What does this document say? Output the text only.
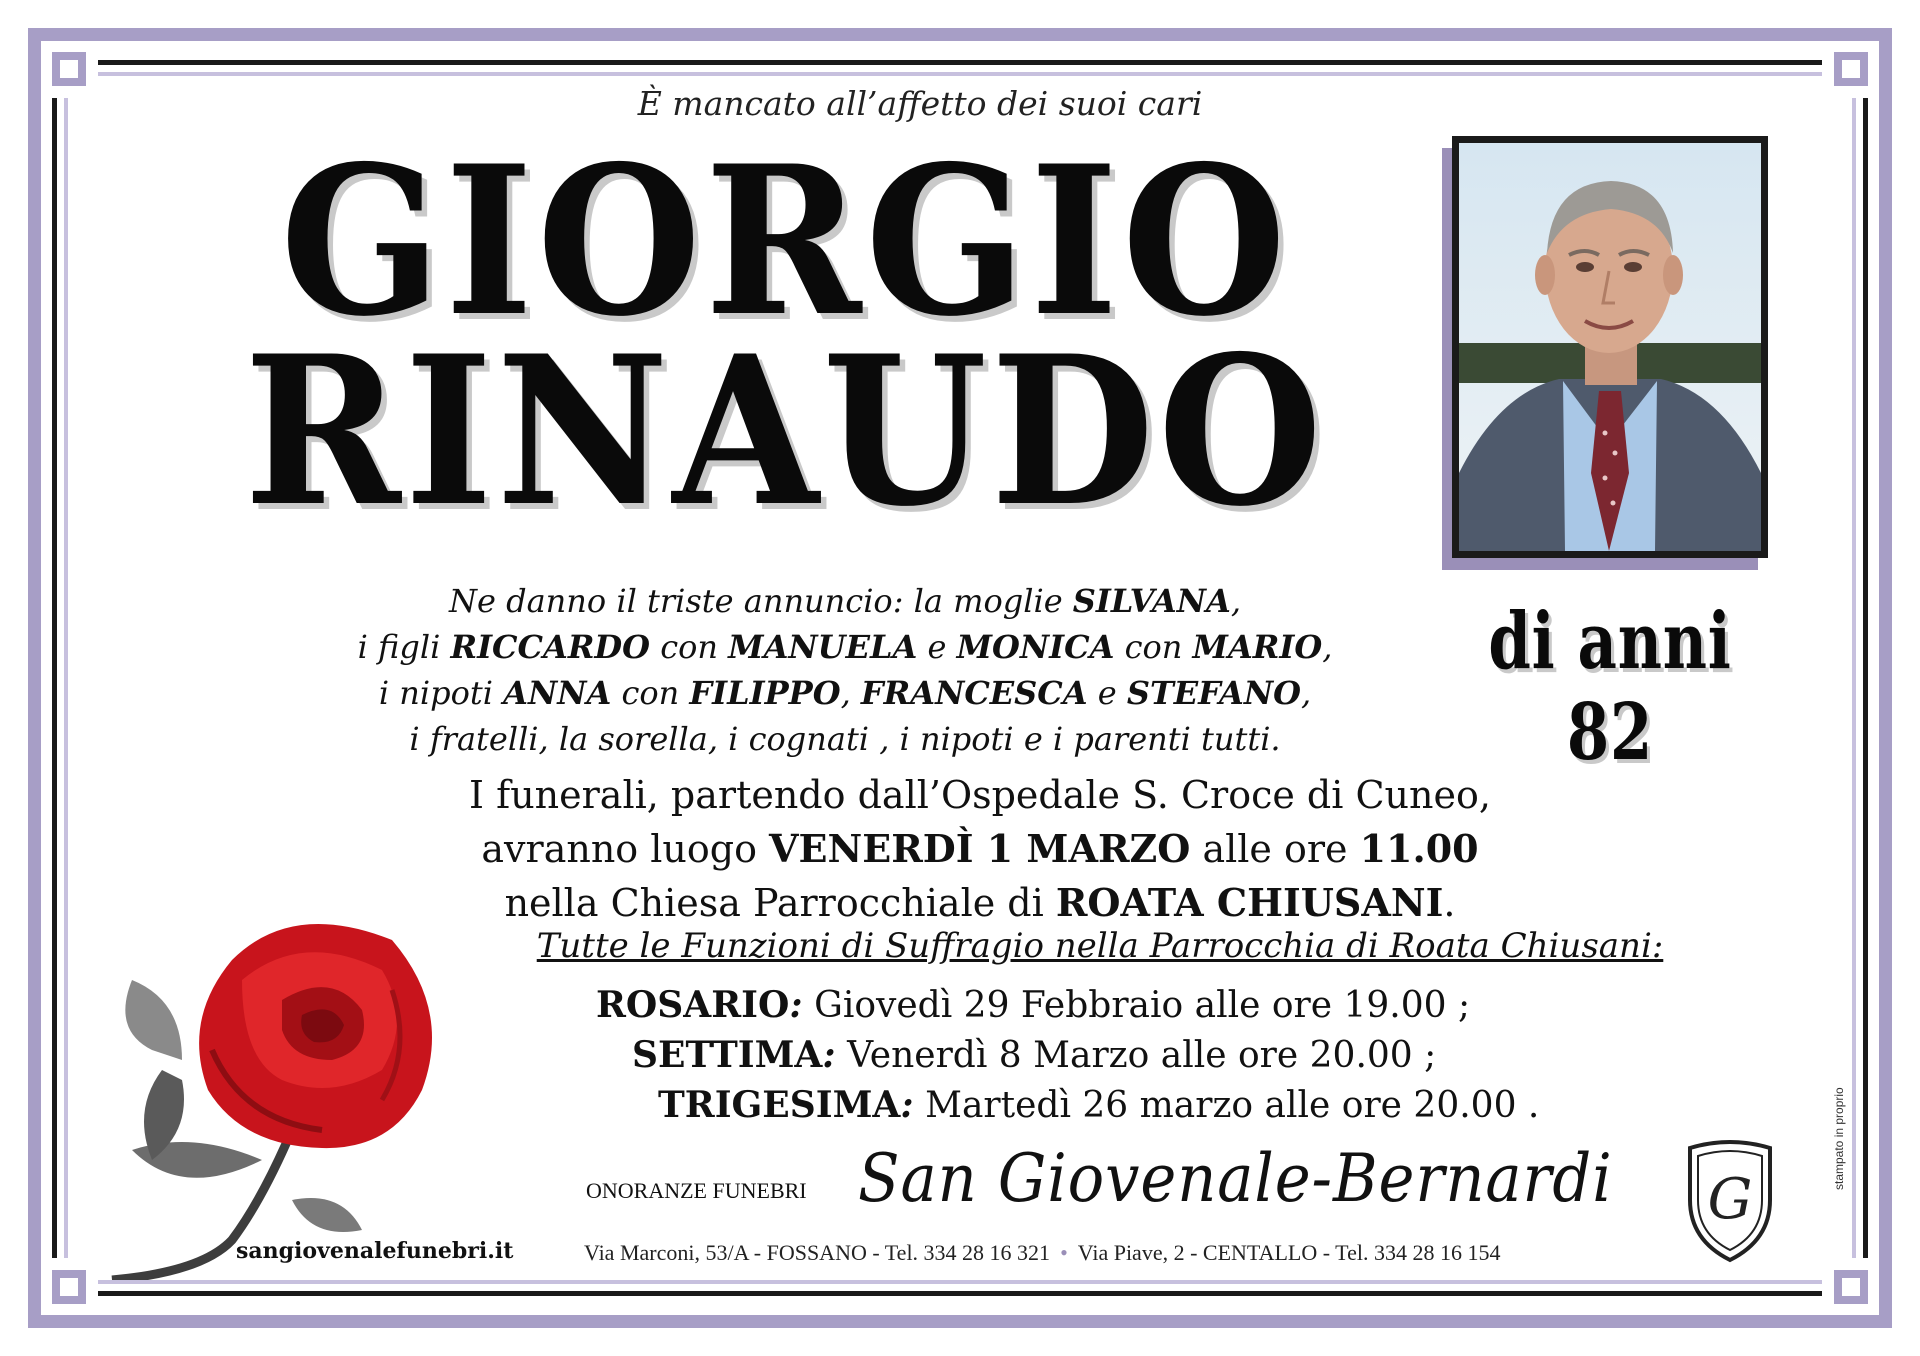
È mancato all’affetto dei suoi cari
GIORGIO
RINAUDO
di anni 82
Ne danno il triste annuncio: la moglie SILVANA,
i figli RICCARDO con MANUELA e MONICA con MARIO,
i nipoti ANNA con FILIPPO, FRANCESCA e STEFANO,
i fratelli, la sorella, i cognati , i nipoti e i parenti tutti.
I funerali, partendo dall’Ospedale S. Croce di Cuneo,
avranno luogo VENERDÌ 1 MARZO alle ore 11.00
nella Chiesa Parrocchiale di ROATA CHIUSANI.
Tutte le Funzioni di Suffragio nella Parrocchia di Roata Chiusani:
ROSARIO: Giovedì 29 Febbraio alle ore 19.00 ;
SETTIMA: Venerdì 8 Marzo alle ore 20.00 ;
TRIGESIMA: Martedì 26 marzo alle ore 20.00 .
sangiovenalefunebri.it
ONORANZE FUNEBRI San Giovenale-Bernardi G
Via Marconi, 53/A - FOSSANO - Tel. 334 28 16 321 • Via Piave, 2 - CENTALLO - Tel. 334 28 16 154
stampato in proprio
